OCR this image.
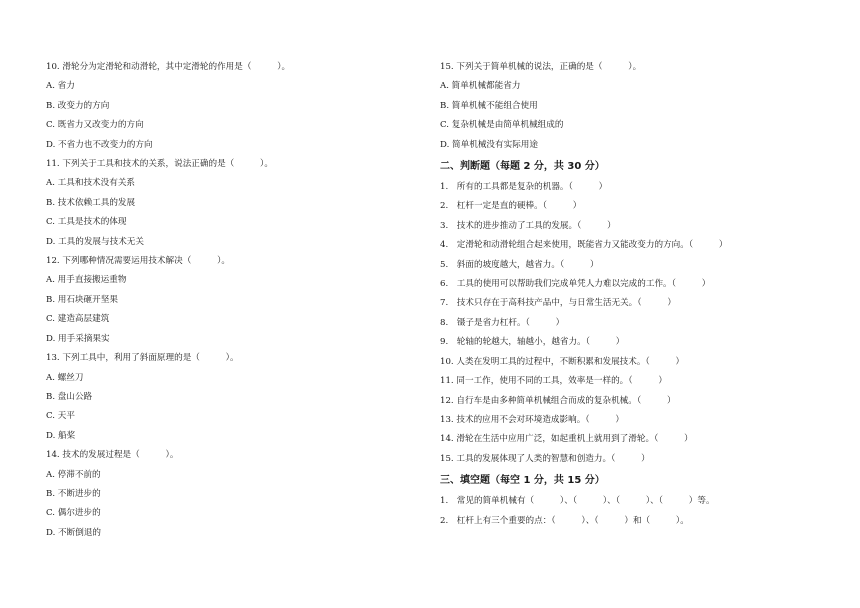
10. 滑轮分为定滑轮和动滑轮，其中定滑轮的作用是（　　　）。
A. 省力
B. 改变力的方向
C. 既省力又改变力的方向
D. 不省力也不改变力的方向
11. 下列关于工具和技术的关系，说法正确的是（　　　）。
A. 工具和技术没有关系
B. 技术依赖工具的发展
C. 工具是技术的体现
D. 工具的发展与技术无关
12. 下列哪种情况需要运用技术解决（　　　）。
A. 用手直接搬运重物
B. 用石块砸开坚果
C. 建造高层建筑
D. 用手采摘果实
13. 下列工具中，利用了斜面原理的是（　　　）。
A. 螺丝刀
B. 盘山公路
C. 天平
D. 船桨
14. 技术的发展过程是（　　　）。
A. 停滞不前的
B. 不断进步的
C. 偶尔进步的
D. 不断倒退的
15. 下列关于简单机械的说法，正确的是（　　　）。
A. 简单机械都能省力
B. 简单机械不能组合使用
C. 复杂机械是由简单机械组成的
D. 简单机械没有实际用途
二、判断题（每题 2 分，共 30 分）
1.　所有的工具都是复杂的机器。（　　　）
2.　杠杆一定是直的硬棒。（　　　）
3.　技术的进步推动了工具的发展。（　　　）
4.　定滑轮和动滑轮组合起来使用，既能省力又能改变力的方向。（　　　）
5.　斜面的坡度越大，越省力。（　　　）
6.　工具的使用可以帮助我们完成单凭人力难以完成的工作。（　　　）
7.　技术只存在于高科技产品中，与日常生活无关。（　　　）
8.　镊子是省力杠杆。（　　　）
9.　轮轴的轮越大，轴越小，越省力。（　　　）
10. 人类在发明工具的过程中，不断积累和发展技术。（　　　）
11. 同一工作，使用不同的工具，效率是一样的。（　　　）
12. 自行车是由多种简单机械组合而成的复杂机械。（　　　）
13. 技术的应用不会对环境造成影响。（　　　）
14. 滑轮在生活中应用广泛，如起重机上就用到了滑轮。（　　　）
15. 工具的发展体现了人类的智慧和创造力。（　　　）
三、填空题（每空 1 分，共 15 分）
1.　常见的简单机械有（　　　）、（　　　）、（　　　）、（　　　）等。
2.　杠杆上有三个重要的点：（　　　）、（　　　）和（　　　）。
